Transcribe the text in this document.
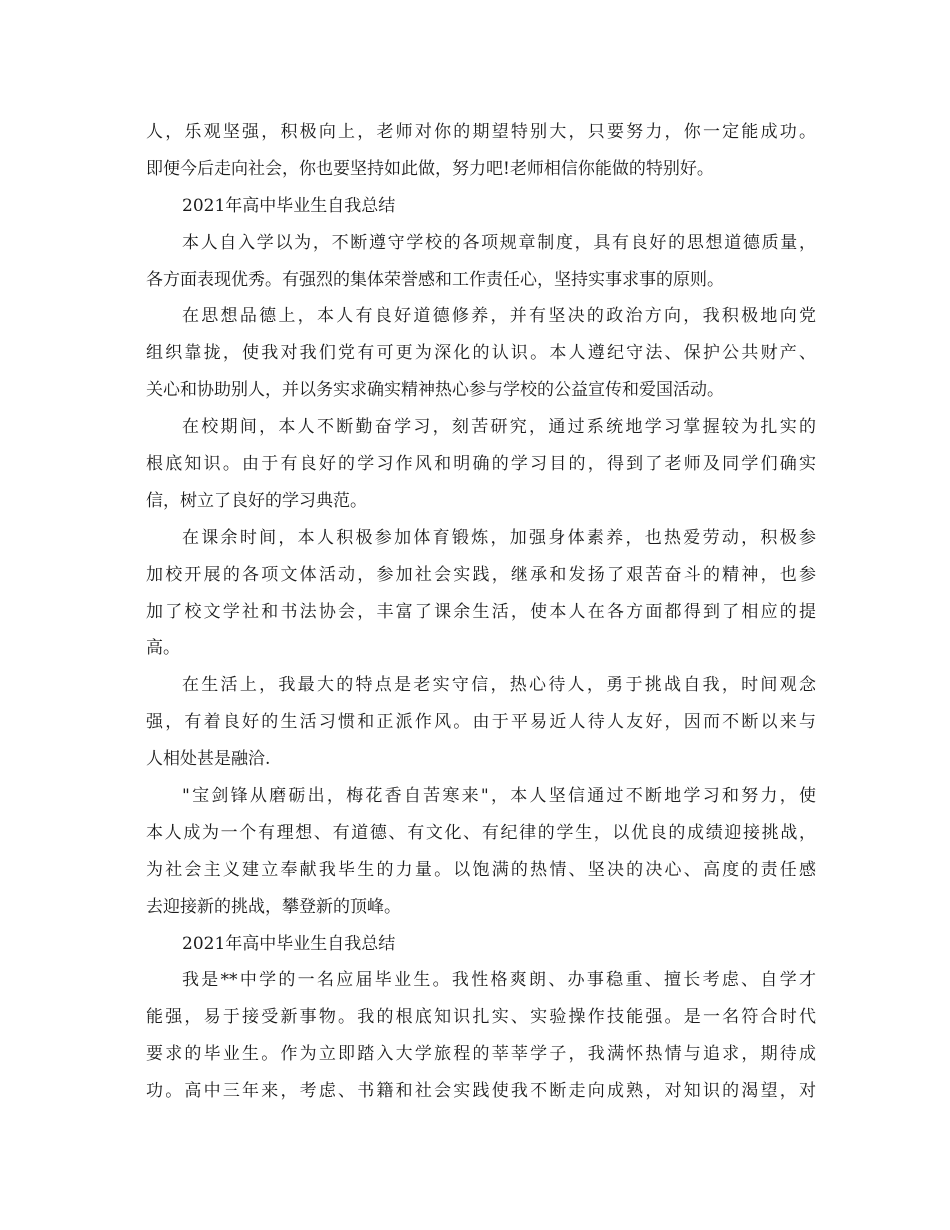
人，乐观坚强，积极向上，老师对你的期望特别大，只要努力，你一定能成功。
即便今后走向社会，你也要坚持如此做，努力吧!老师相信你能做的特别好。
2021年高中毕业生自我总结
本人自入学以为，不断遵守学校的各项规章制度，具有良好的思想道德质量，
各方面表现优秀。有强烈的集体荣誉感和工作责任心，坚持实事求事的原则。
在思想品德上，本人有良好道德修养，并有坚决的政治方向，我积极地向党
组织靠拢，使我对我们党有可更为深化的认识。本人遵纪守法、保护公共财产、
关心和协助别人，并以务实求确实精神热心参与学校的公益宣传和爱国活动。
在校期间，本人不断勤奋学习，刻苦研究，通过系统地学习掌握较为扎实的
根底知识。由于有良好的学习作风和明确的学习目的，得到了老师及同学们确实
信，树立了良好的学习典范。
在课余时间，本人积极参加体育锻炼，加强身体素养，也热爱劳动，积极参
加校开展的各项文体活动，参加社会实践，继承和发扬了艰苦奋斗的精神，也参
加了校文学社和书法协会，丰富了课余生活，使本人在各方面都得到了相应的提
高。
在生活上，我最大的特点是老实守信，热心待人，勇于挑战自我，时间观念
强，有着良好的生活习惯和正派作风。由于平易近人待人友好，因而不断以来与
人相处甚是融洽.
"宝剑锋从磨砺出，梅花香自苦寒来"，本人坚信通过不断地学习和努力，使
本人成为一个有理想、有道德、有文化、有纪律的学生，以优良的成绩迎接挑战，
为社会主义建立奉献我毕生的力量。以饱满的热情、坚决的决心、高度的责任感
去迎接新的挑战，攀登新的顶峰。
2021年高中毕业生自我总结
我是**中学的一名应届毕业生。我性格爽朗、办事稳重、擅长考虑、自学才
能强，易于接受新事物。我的根底知识扎实、实验操作技能强。是一名符合时代
要求的毕业生。作为立即踏入大学旅程的莘莘学子，我满怀热情与追求，期待成
功。高中三年来，考虑、书籍和社会实践使我不断走向成熟，对知识的渴望，对
